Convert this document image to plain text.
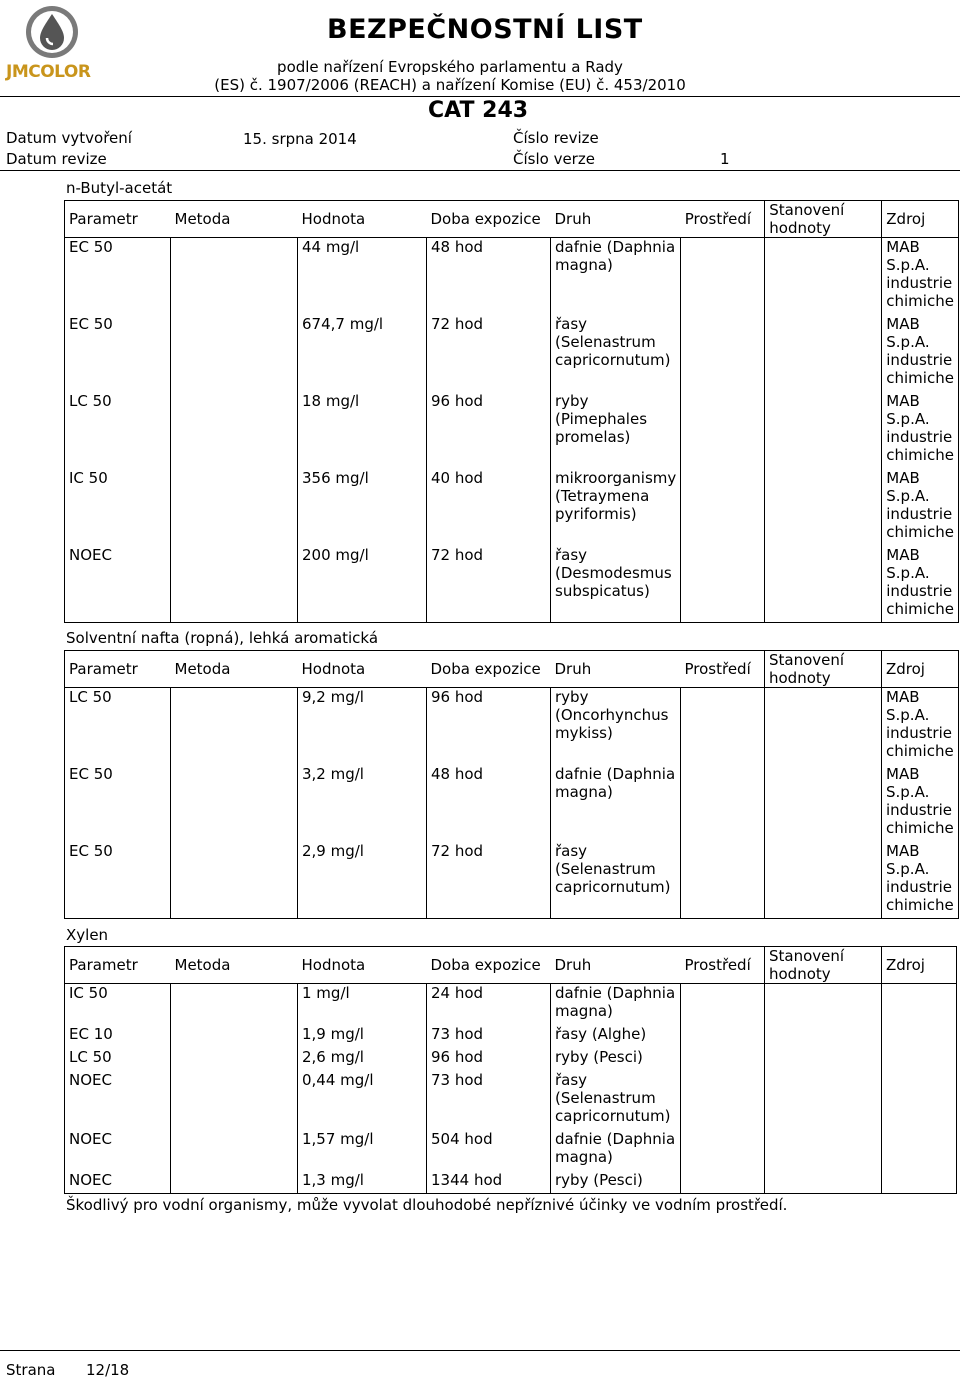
JMCOLOR
BEZPEČNOSTNÍ LIST
podle nařízení Evropského parlamentu a Rady
(ES) č. 1907/2006 (REACH) a nařízení Komise (EU) č. 453/2010
CAT 243
Datum vytvoření	15. srpna 2014	Číslo revize
Datum revize	Číslo verze	1
n-Butyl-acetát
Parametr	Metoda	Hodnota	Doba expozice	Druh	Prostředí	Stanovení hodnoty	Zdroj
EC 50		44 mg/l	48 hod	dafnie (Daphnia magna)			MAB S.p.A. industrie chimiche
EC 50		674,7 mg/l	72 hod	řasy (Selenastrum capricornutum)			MAB S.p.A. industrie chimiche
LC 50		18 mg/l	96 hod	ryby (Pimephales promelas)			MAB S.p.A. industrie chimiche
IC 50		356 mg/l	40 hod	mikroorganismy (Tetraymena pyriformis)			MAB S.p.A. industrie chimiche
NOEC		200 mg/l	72 hod	řasy (Desmodesmus subspicatus)			MAB S.p.A. industrie chimiche
Solventní nafta (ropná), lehká aromatická
Parametr	Metoda	Hodnota	Doba expozice	Druh	Prostředí	Stanovení hodnoty	Zdroj
LC 50		9,2 mg/l	96 hod	ryby (Oncorhynchus mykiss)			MAB S.p.A. industrie chimiche
EC 50		3,2 mg/l	48 hod	dafnie (Daphnia magna)			MAB S.p.A. industrie chimiche
EC 50		2,9 mg/l	72 hod	řasy (Selenastrum capricornutum)			MAB S.p.A. industrie chimiche
Xylen
Parametr	Metoda	Hodnota	Doba expozice	Druh	Prostředí	Stanovení hodnoty	Zdroj
IC 50		1 mg/l	24 hod	dafnie (Daphnia magna)			
EC 10		1,9 mg/l	73 hod	řasy (Alghe)			
LC 50		2,6 mg/l	96 hod	ryby (Pesci)			
NOEC		0,44 mg/l	73 hod	řasy (Selenastrum capricornutum)			
NOEC		1,57 mg/l	504 hod	dafnie (Daphnia magna)			
NOEC		1,3 mg/l	1344 hod	ryby (Pesci)			
Škodlivý pro vodní organismy, může vyvolat dlouhodobé nepříznivé účinky ve vodním prostředí.
Strana 12/18
